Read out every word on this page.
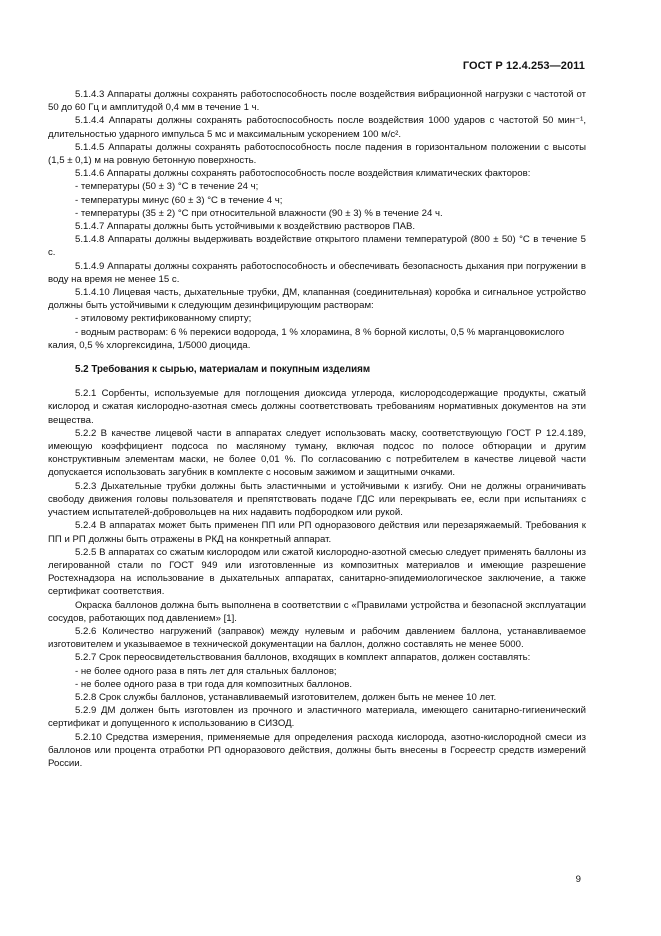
ГОСТ Р 12.4.253—2011

5.1.4.3 Аппараты должны сохранять работоспособность после воздействия вибрационной нагрузки с частотой от 50 до 60 Гц и амплитудой 0,4 мм в течение 1 ч.

5.1.4.4 Аппараты должны сохранять работоспособность после воздействия 1000 ударов с частотой 50 мин⁻¹, длительностью ударного импульса 5 мс и максимальным ускорением 100 м/с².

5.1.4.5 Аппараты должны сохранять работоспособность после падения в горизонтальном положении с высоты (1,5 ± 0,1) м на ровную бетонную поверхность.

5.1.4.6 Аппараты должны сохранять работоспособность после воздействия климатических факторов:

- температуры (50 ± 3) °С в течение 24 ч;

- температуры минус (60 ± 3) °С в течение 4 ч;

- температуры (35 ± 2) °С при относительной влажности (90 ± 3) % в течение 24 ч.

5.1.4.7 Аппараты должны быть устойчивыми к воздействию растворов ПАВ.

5.1.4.8 Аппараты должны выдерживать воздействие открытого пламени температурой (800 ± 50) °С в течение 5 с.

5.1.4.9 Аппараты должны сохранять работоспособность и обеспечивать безопасность дыхания при погружении в воду на время не менее 15 с.

5.1.4.10 Лицевая часть, дыхательные трубки, ДМ, клапанная (соединительная) коробка и сигнальное устройство должны быть устойчивыми к следующим дезинфицирующим растворам:

- этиловому ректификованному спирту;

- водным растворам: 6 % перекиси водорода, 1 % хлорамина, 8 % борной кислоты, 0,5 % марганцовокислого калия, 0,5 % хлоргексидина, 1/5000 диоцида.

5.2 Требования к сырью, материалам и покупным изделиям

5.2.1 Сорбенты, используемые для поглощения диоксида углерода, кислородсодержащие продукты, сжатый кислород и сжатая кислородно-азотная смесь должны соответствовать требованиям нормативных документов на эти вещества.

5.2.2 В качестве лицевой части в аппаратах следует использовать маску, соответствующую ГОСТ Р 12.4.189, имеющую коэффициент подсоса по масляному туману, включая подсос по полосе обтюрации и другим конструктивным элементам маски, не более 0,01 %. По согласованию с потребителем в качестве лицевой части допускается использовать загубник в комплекте с носовым зажимом и защитными очками.

5.2.3 Дыхательные трубки должны быть эластичными и устойчивыми к изгибу. Они не должны ограничивать свободу движения головы пользователя и препятствовать подаче ГДС или перекрывать ее, если при испытаниях с участием испытателей-добровольцев на них надавить подбородком или рукой.

5.2.4 В аппаратах может быть применен ПП или РП одноразового действия или перезаряжаемый. Требования к ПП и РП должны быть отражены в РКД на конкретный аппарат.

5.2.5 В аппаратах со сжатым кислородом или сжатой кислородно-азотной смесью следует применять баллоны из легированной стали по ГОСТ 949 или изготовленные из композитных материалов и имеющие разрешение Ростехнадзора на использование в дыхательных аппаратах, санитарно-эпидемиологическое заключение, а также сертификат соответствия.

Окраска баллонов должна быть выполнена в соответствии с «Правилами устройства и безопасной эксплуатации сосудов, работающих под давлением» [1].

5.2.6 Количество нагружений (заправок) между нулевым и рабочим давлением баллона, устанавливаемое изготовителем и указываемое в технической документации на баллон, должно составлять не менее 5000.

5.2.7 Срок переосвидетельствования баллонов, входящих в комплект аппаратов, должен составлять:

- не более одного раза в пять лет для стальных баллонов;

- не более одного раза в три года для композитных баллонов.

5.2.8 Срок службы баллонов, устанавливаемый изготовителем, должен быть не менее 10 лет.

5.2.9 ДМ должен быть изготовлен из прочного и эластичного материала, имеющего санитарно-гигиенический сертификат и допущенного к использованию в СИЗОД.

5.2.10 Средства измерения, применяемые для определения расхода кислорода, азотно-кислородной смеси из баллонов или процента отработки РП одноразового действия, должны быть внесены в Госреестр средств измерений России.

9
